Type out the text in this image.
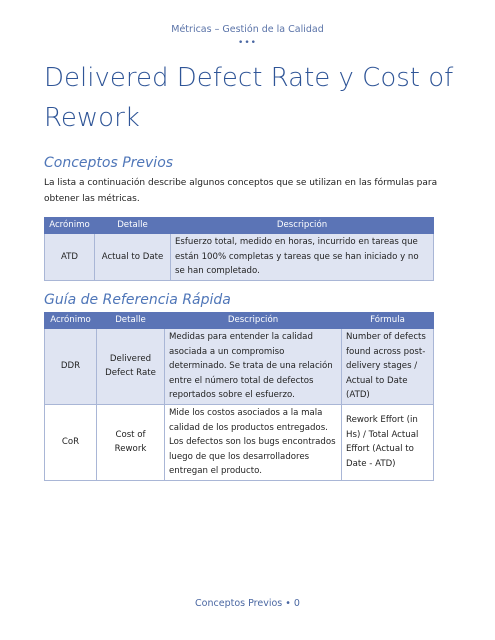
Métricas – Gestión de la Calidad
•••
Delivered Defect Rate y Cost of Rework
Conceptos Previos

La lista a continuación describe algunos conceptos que se utilizan en las fórmulas para obtener las métricas.

Acrónimo	Detalle	Descripción
ATD	Actual to Date	Esfuerzo total, medido en horas, incurrido en tareas que están 100% completas y tareas que se han iniciado y no se han completado.
Guía de Referencia Rápida
Acrónimo	Detalle	Descripción	Fórmula
DDR	Delivered Defect Rate	Medidas para entender la calidad asociada a un compromiso determinado. Se trata de una relación entre el número total de defectos reportados sobre el esfuerzo.	Number of defects found across post-delivery stages / Actual to Date (ATD)
CoR	Cost of Rework	Mide los costos asociados a la mala calidad de los productos entregados. Los defectos son los bugs encontrados luego de que los desarrolladores entregan el producto.	Rework Effort (in Hs) / Total Actual Effort (Actual to Date - ATD)
Conceptos Previos • 0
